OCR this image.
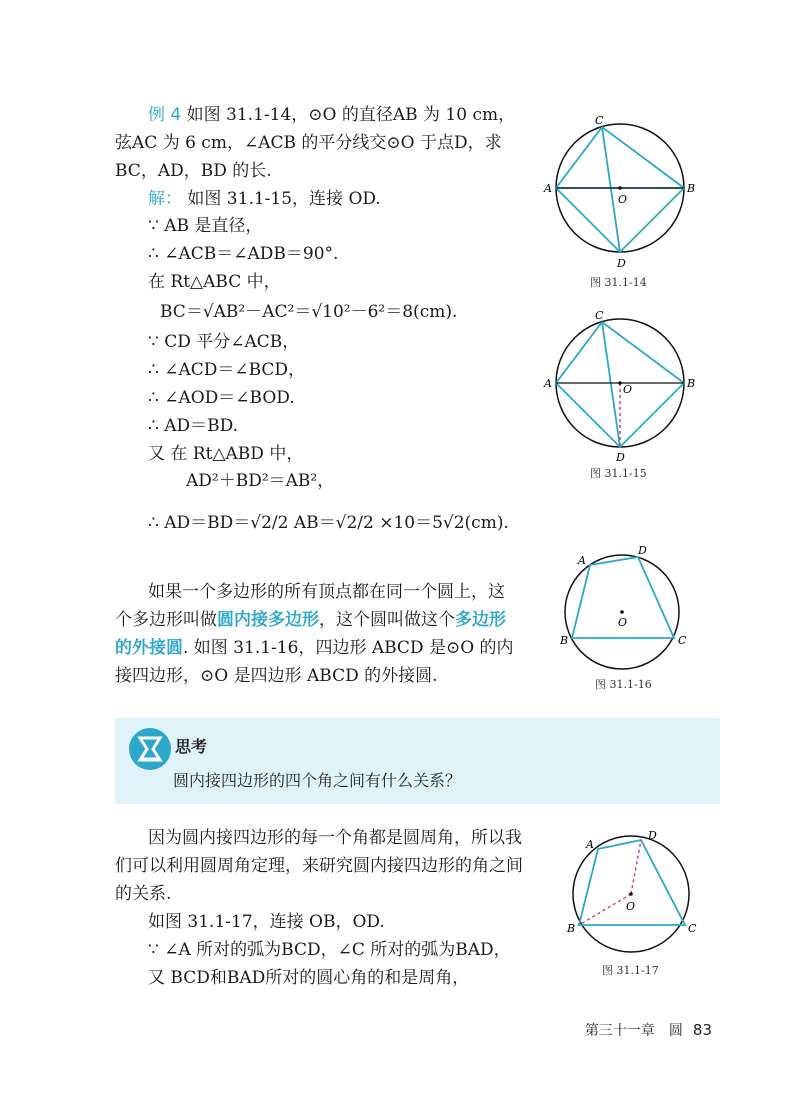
例 4 如图 31.1-14，⊙O 的直径AB 为 10 cm，
弦AC 为 6 cm，∠ACB 的平分线交⊙O 于点D，求
BC，AD，BD 的长.
解： 如图 31.1-15，连接 OD.
∵ AB 是直径，
∴ ∠ACB＝∠ADB＝90°.
在 Rt△ABC 中，
BC＝√AB²－AC²＝√10²－6²＝8(cm).
∵ CD 平分∠ACB，
∴ ∠ACD＝∠BCD，
∴ ∠AOD＝∠BOD.
∴ AD＝BD.
又 在 Rt△ABD 中，
AD²＋BD²＝AB²，
∴ AD＝BD＝√2/2 AB＝√2/2 ×10＝5√2(cm).
如果一个多边形的所有顶点都在同一个圆上，这
个多边形叫做圆内接多边形，这个圆叫做这个多边形
的外接圆. 如图 31.1-16，四边形 ABCD 是⊙O 的内
接四边形，⊙O 是四边形 ABCD 的外接圆.
思考
圆内接四边形的四个角之间有什么关系？
因为圆内接四边形的每一个角都是圆周角，所以我
们可以利用圆周角定理，来研究圆内接四边形的角之间
的关系.
如图 31.1-17，连接 OB，OD.
∵ ∠A 所对的弧为BCD，∠C 所对的弧为BAD，
又 BCD和BAD所对的圆心角的和是周角，
C
A	B
O
D
图 31.1-14
C
A	B
O
D
图 31.1-15
A
D
B	C
O
图 31.1-16
A
D
B	C
O
图 31.1-17
第三十一章　圆 83
